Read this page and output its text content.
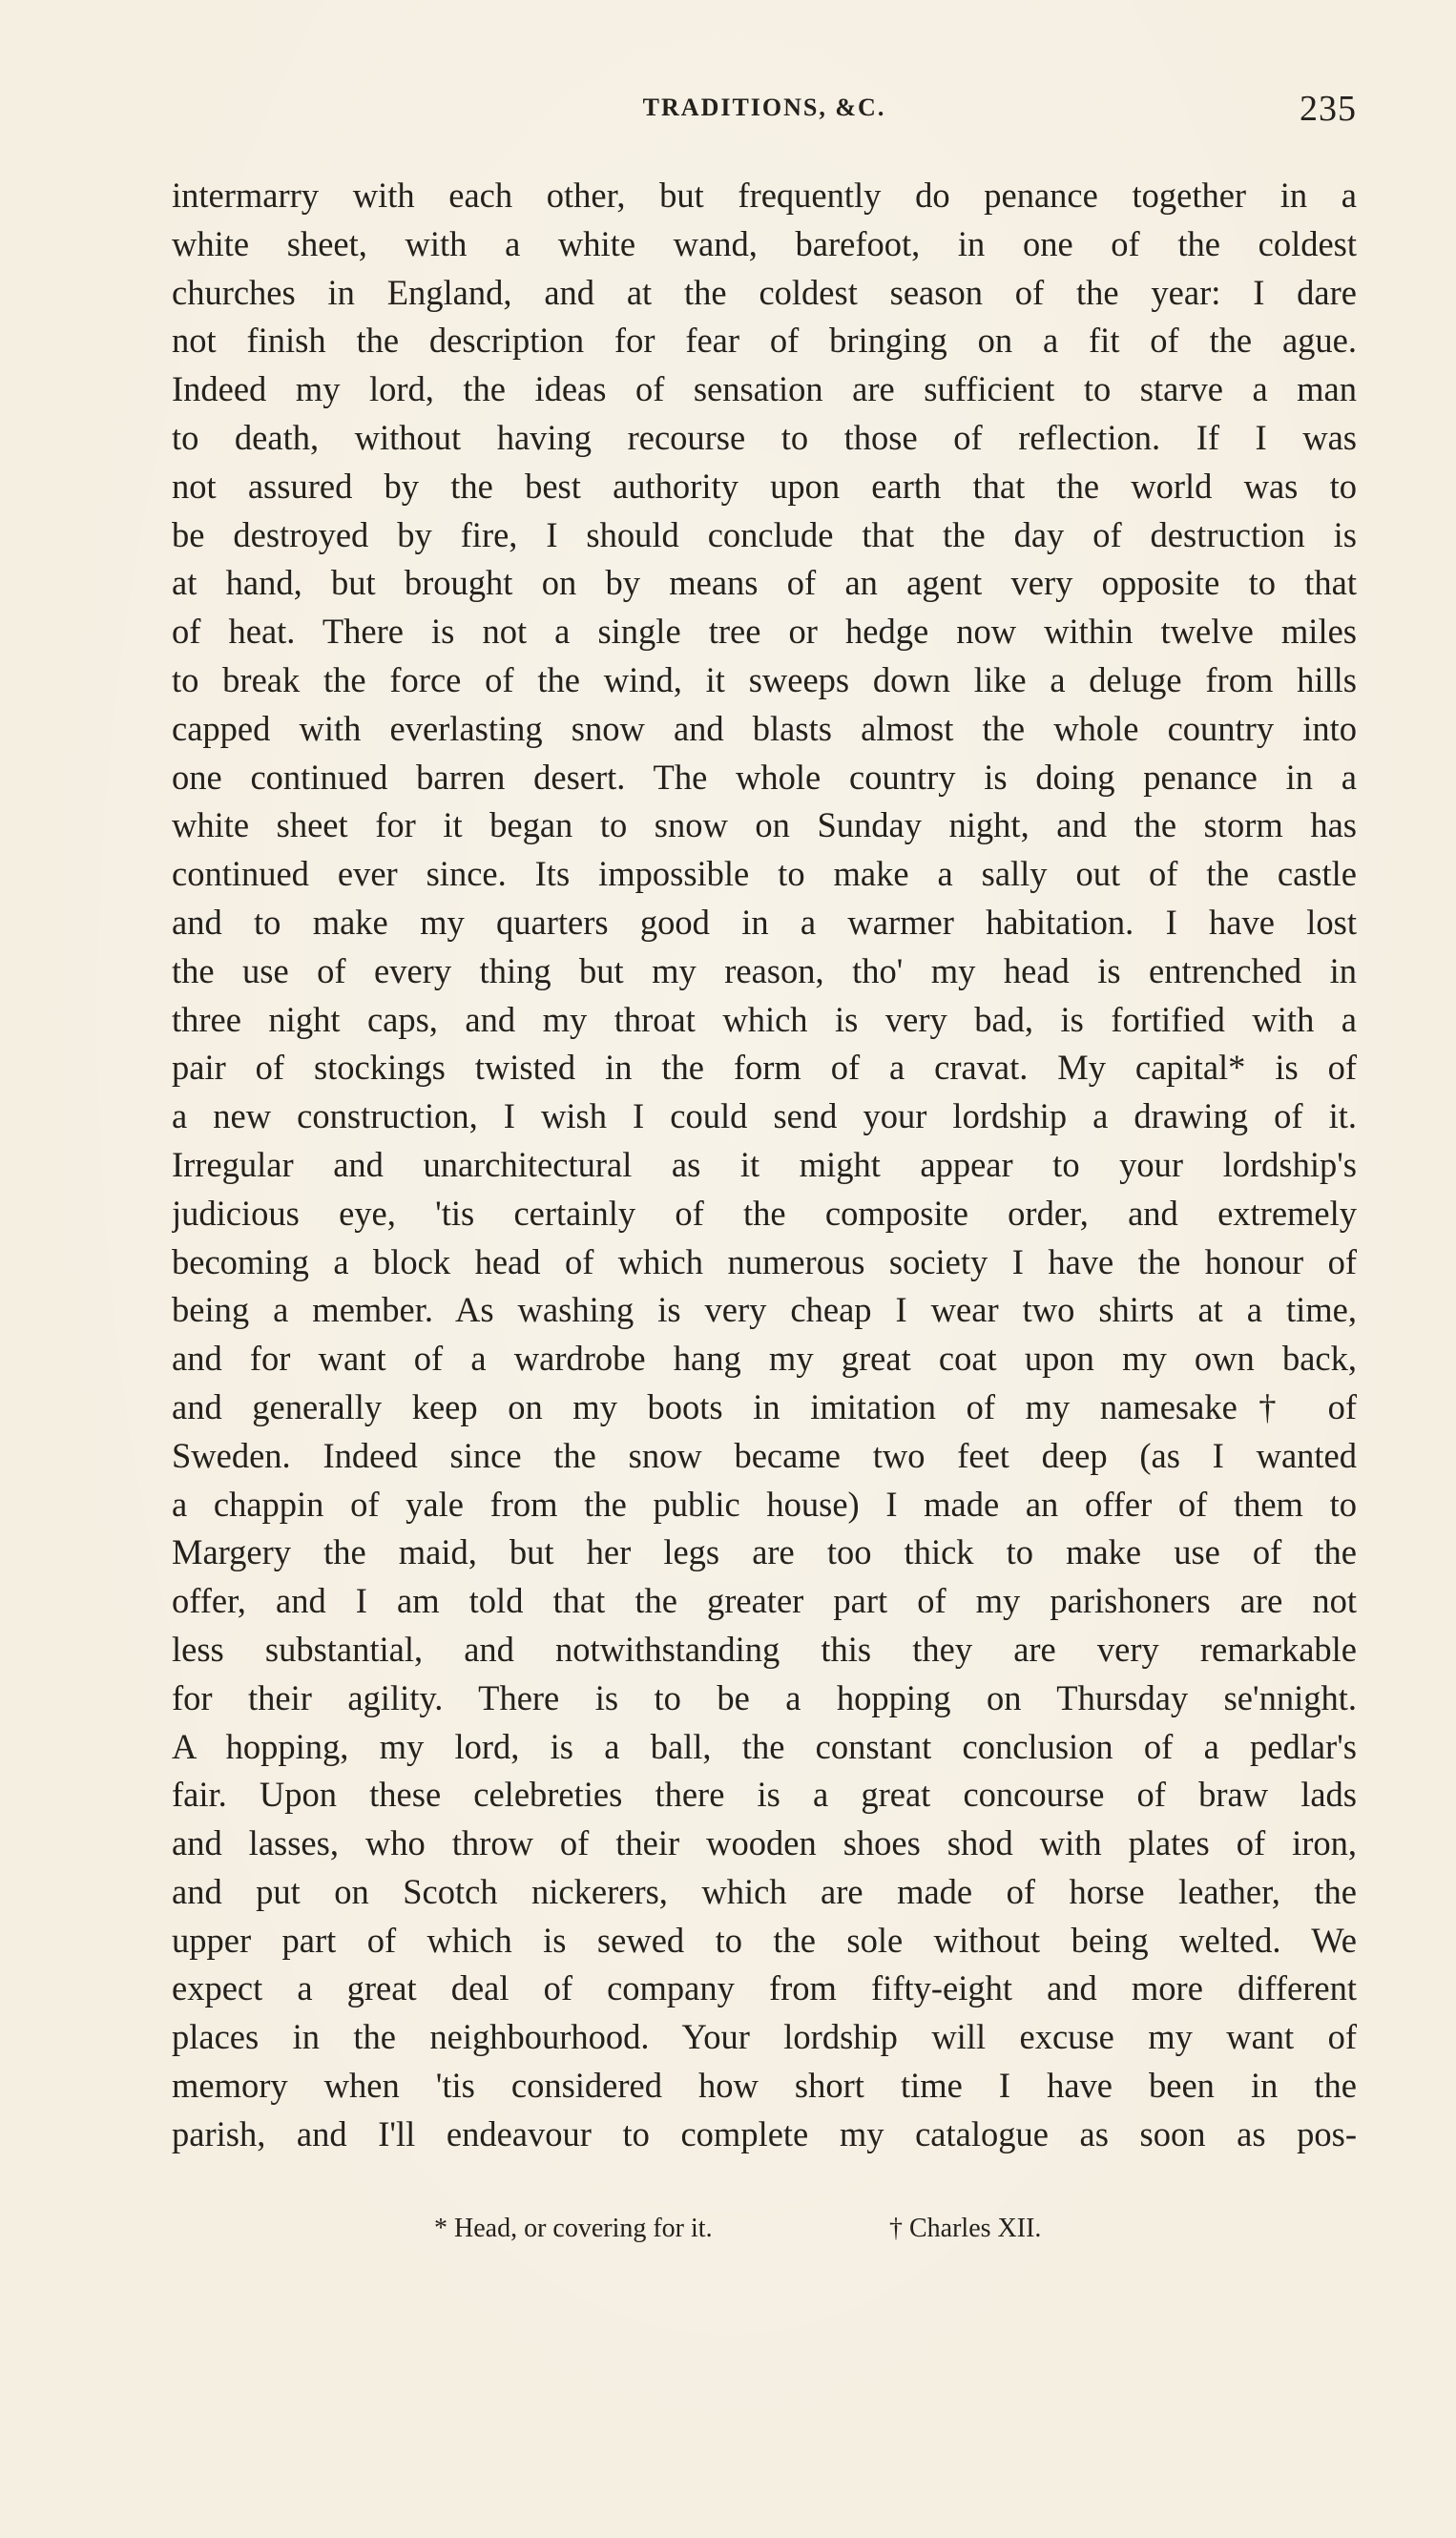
TRADITIONS, &C.	235
intermarry with each other, but frequently do penance together in a
white sheet, with a white wand, barefoot, in one of the coldest
churches in England, and at the coldest season of the year: I dare
not finish the description for fear of bringing on a fit of the ague.
Indeed my lord, the ideas of sensation are sufficient to starve a man
to death, without having recourse to those of reflection. If I was
not assured by the best authority upon earth that the world was to
be destroyed by fire, I should conclude that the day of destruction is
at hand, but brought on by means of an agent very opposite to that
of heat. There is not a single tree or hedge now within twelve miles
to break the force of the wind, it sweeps down like a deluge from hills
capped with everlasting snow and blasts almost the whole country into
one continued barren desert. The whole country is doing penance in a
white sheet for it began to snow on Sunday night, and the storm has
continued ever since. Its impossible to make a sally out of the castle
and to make my quarters good in a warmer habitation. I have lost
the use of every thing but my reason, tho' my head is entrenched in
three night caps, and my throat which is very bad, is fortified with a
pair of stockings twisted in the form of a cravat. My capital* is of
a new construction, I wish I could send your lordship a drawing of it.
Irregular and unarchitectural as it might appear to your lordship's
judicious eye, 'tis certainly of the composite order, and extremely
becoming a block head of which numerous society I have the honour of
being a member. As washing is very cheap I wear two shirts at a time,
and for want of a wardrobe hang my great coat upon my own back,
and generally keep on my boots in imitation of my namesake† of
Sweden. Indeed since the snow became two feet deep (as I wanted
a chappin of yale from the public house) I made an offer of them to
Margery the maid, but her legs are too thick to make use of the
offer, and I am told that the greater part of my parishoners are not
less substantial, and notwithstanding this they are very remarkable
for their agility. There is to be a hopping on Thursday se'nnight.
A hopping, my lord, is a ball, the constant conclusion of a pedlar's
fair. Upon these celebreties there is a great concourse of braw lads
and lasses, who throw of their wooden shoes shod with plates of iron,
and put on Scotch nickerers, which are made of horse leather, the
upper part of which is sewed to the sole without being welted. We
expect a great deal of company from fifty-eight and more different
places in the neighbourhood. Your lordship will excuse my want of
memory when 'tis considered how short time I have been in the
parish, and I'll endeavour to complete my catalogue as soon as pos-
* Head, or covering for it.	† Charles XII.
